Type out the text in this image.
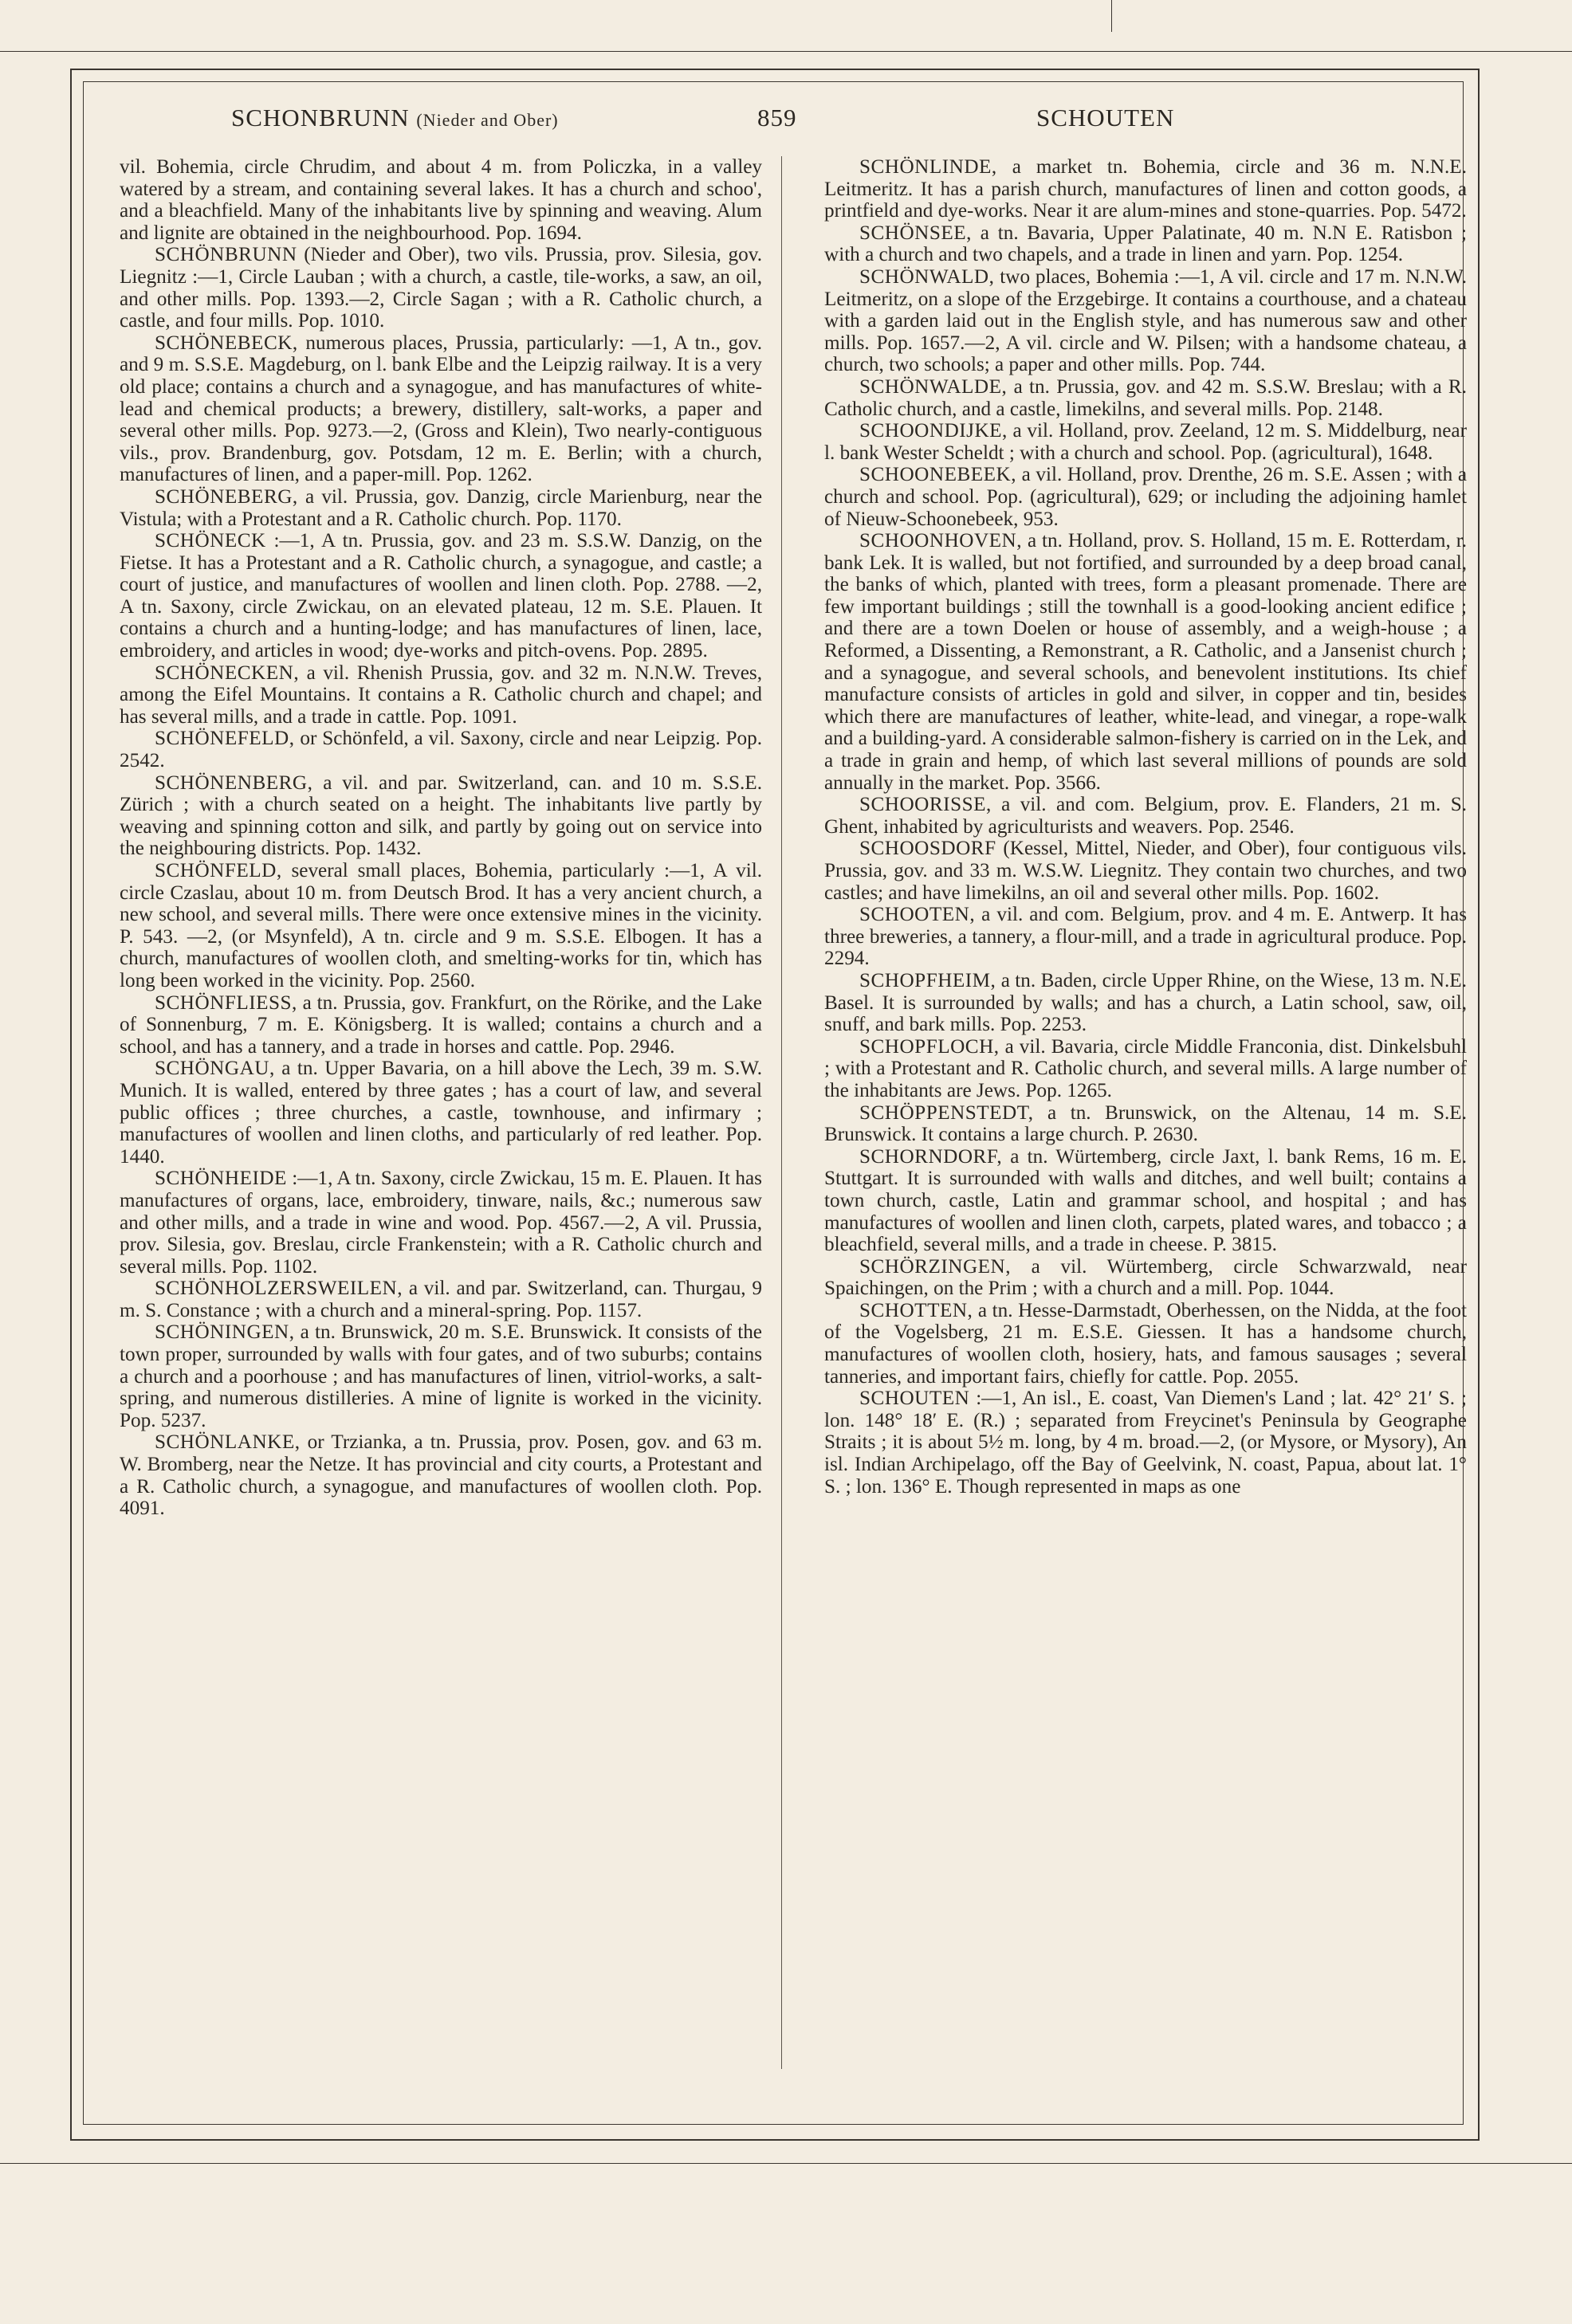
SCHONBRUNN (Nieder and Ober)	859	SCHOUTEN

vil. Bohemia, circle Chrudim, and about 4 m. from Policzka, in a valley watered by a stream, and containing several lakes. It has a church and schoo', and a bleachfield. Many of the inhabitants live by spinning and weaving. Alum and lignite are obtained in the neighbourhood. Pop. 1694.

SCHÖNBRUNN (Nieder and Ober), two vils. Prussia, prov. Silesia, gov. Liegnitz :—1, Circle Lauban ; with a church, a castle, tile-works, a saw, an oil, and other mills. Pop. 1393.—2, Circle Sagan ; with a R. Catholic church, a castle, and four mills. Pop. 1010.

SCHÖNEBECK, numerous places, Prussia, particularly: —1, A tn., gov. and 9 m. S.S.E. Magdeburg, on l. bank Elbe and the Leipzig railway. It is a very old place; contains a church and a synagogue, and has manufactures of white-lead and chemical products; a brewery, distillery, salt-works, a paper and several other mills. Pop. 9273.—2, (Gross and Klein), Two nearly-contiguous vils., prov. Brandenburg, gov. Potsdam, 12 m. E. Berlin; with a church, manufactures of linen, and a paper-mill. Pop. 1262.

SCHÖNEBERG, a vil. Prussia, gov. Danzig, circle Marienburg, near the Vistula; with a Protestant and a R. Catholic church. Pop. 1170.

SCHÖNECK :—1, A tn. Prussia, gov. and 23 m. S.S.W. Danzig, on the Fietse. It has a Protestant and a R. Catholic church, a synagogue, and castle; a court of justice, and manufactures of woollen and linen cloth. Pop. 2788. —2, A tn. Saxony, circle Zwickau, on an elevated plateau, 12 m. S.E. Plauen. It contains a church and a hunting-lodge; and has manufactures of linen, lace, embroidery, and articles in wood; dye-works and pitch-ovens. Pop. 2895.

SCHÖNECKEN, a vil. Rhenish Prussia, gov. and 32 m. N.N.W. Treves, among the Eifel Mountains. It contains a R. Catholic church and chapel; and has several mills, and a trade in cattle. Pop. 1091.

SCHÖNEFELD, or Schönfeld, a vil. Saxony, circle and near Leipzig. Pop. 2542.

SCHÖNENBERG, a vil. and par. Switzerland, can. and 10 m. S.S.E. Zürich ; with a church seated on a height. The inhabitants live partly by weaving and spinning cotton and silk, and partly by going out on service into the neighbouring districts. Pop. 1432.

SCHÖNFELD, several small places, Bohemia, particularly :—1, A vil. circle Czaslau, about 10 m. from Deutsch Brod. It has a very ancient church, a new school, and several mills. There were once extensive mines in the vicinity. P. 543. —2, (or Msynfeld), A tn. circle and 9 m. S.S.E. Elbogen. It has a church, manufactures of woollen cloth, and smelting-works for tin, which has long been worked in the vicinity. Pop. 2560.

SCHÖNFLIESS, a tn. Prussia, gov. Frankfurt, on the Rörike, and the Lake of Sonnenburg, 7 m. E. Königsberg. It is walled; contains a church and a school, and has a tannery, and a trade in horses and cattle. Pop. 2946.

SCHÖNGAU, a tn. Upper Bavaria, on a hill above the Lech, 39 m. S.W. Munich. It is walled, entered by three gates ; has a court of law, and several public offices ; three churches, a castle, townhouse, and infirmary ; manufactures of woollen and linen cloths, and particularly of red leather. Pop. 1440.

SCHÖNHEIDE :—1, A tn. Saxony, circle Zwickau, 15 m. E. Plauen. It has manufactures of organs, lace, embroidery, tinware, nails, &c.; numerous saw and other mills, and a trade in wine and wood. Pop. 4567.—2, A vil. Prussia, prov. Silesia, gov. Breslau, circle Frankenstein; with a R. Catholic church and several mills. Pop. 1102.

SCHÖNHOLZERSWEILEN, a vil. and par. Switzerland, can. Thurgau, 9 m. S. Constance ; with a church and a mineral-spring. Pop. 1157.

SCHÖNINGEN, a tn. Brunswick, 20 m. S.E. Brunswick. It consists of the town proper, surrounded by walls with four gates, and of two suburbs; contains a church and a poorhouse ; and has manufactures of linen, vitriol-works, a salt-spring, and numerous distilleries. A mine of lignite is worked in the vicinity. Pop. 5237.

SCHÖNLANKE, or Trzianka, a tn. Prussia, prov. Posen, gov. and 63 m. W. Bromberg, near the Netze. It has provincial and city courts, a Protestant and a R. Catholic church, a synagogue, and manufactures of woollen cloth. Pop. 4091.

SCHÖNLINDE, a market tn. Bohemia, circle and 36 m. N.N.E. Leitmeritz. It has a parish church, manufactures of linen and cotton goods, a printfield and dye-works. Near it are alum-mines and stone-quarries. Pop. 5472.

SCHÖNSEE, a tn. Bavaria, Upper Palatinate, 40 m. N.N E. Ratisbon ; with a church and two chapels, and a trade in linen and yarn. Pop. 1254.

SCHÖNWALD, two places, Bohemia :—1, A vil. circle and 17 m. N.N.W. Leitmeritz, on a slope of the Erzgebirge. It contains a courthouse, and a chateau with a garden laid out in the English style, and has numerous saw and other mills. Pop. 1657.—2, A vil. circle and W. Pilsen; with a handsome chateau, a church, two schools; a paper and other mills. Pop. 744.

SCHÖNWALDE, a tn. Prussia, gov. and 42 m. S.S.W. Breslau; with a R. Catholic church, and a castle, limekilns, and several mills. Pop. 2148.

SCHOONDIJKE, a vil. Holland, prov. Zeeland, 12 m. S. Middelburg, near l. bank Wester Scheldt ; with a church and school. Pop. (agricultural), 1648.

SCHOONEBEEK, a vil. Holland, prov. Drenthe, 26 m. S.E. Assen ; with a church and school. Pop. (agricultural), 629; or including the adjoining hamlet of Nieuw-Schoonebeek, 953.

SCHOONHOVEN, a tn. Holland, prov. S. Holland, 15 m. E. Rotterdam, r. bank Lek. It is walled, but not fortified, and surrounded by a deep broad canal, the banks of which, planted with trees, form a pleasant promenade. There are few important buildings ; still the townhall is a good-looking ancient edifice ; and there are a town Doelen or house of assembly, and a weigh-house ; a Reformed, a Dissenting, a Remonstrant, a R. Catholic, and a Jansenist church ; and a synagogue, and several schools, and benevolent institutions. Its chief manufacture consists of articles in gold and silver, in copper and tin, besides which there are manufactures of leather, white-lead, and vinegar, a rope-walk and a building-yard. A considerable salmon-fishery is carried on in the Lek, and a trade in grain and hemp, of which last several millions of pounds are sold annually in the market. Pop. 3566.

SCHOORISSE, a vil. and com. Belgium, prov. E. Flanders, 21 m. S. Ghent, inhabited by agriculturists and weavers. Pop. 2546.

SCHOOSDORF (Kessel, Mittel, Nieder, and Ober), four contiguous vils. Prussia, gov. and 33 m. W.S.W. Liegnitz. They contain two churches, and two castles; and have limekilns, an oil and several other mills. Pop. 1602.

SCHOOTEN, a vil. and com. Belgium, prov. and 4 m. E. Antwerp. It has three breweries, a tannery, a flour-mill, and a trade in agricultural produce. Pop. 2294.

SCHOPFHEIM, a tn. Baden, circle Upper Rhine, on the Wiese, 13 m. N.E. Basel. It is surrounded by walls; and has a church, a Latin school, saw, oil, snuff, and bark mills. Pop. 2253.

SCHOPFLOCH, a vil. Bavaria, circle Middle Franconia, dist. Dinkelsbuhl ; with a Protestant and R. Catholic church, and several mills. A large number of the inhabitants are Jews. Pop. 1265.

SCHÖPPENSTEDT, a tn. Brunswick, on the Altenau, 14 m. S.E. Brunswick. It contains a large church. P. 2630.

SCHORNDORF, a tn. Würtemberg, circle Jaxt, l. bank Rems, 16 m. E. Stuttgart. It is surrounded with walls and ditches, and well built; contains a town church, castle, Latin and grammar school, and hospital ; and has manufactures of woollen and linen cloth, carpets, plated wares, and tobacco ; a bleachfield, several mills, and a trade in cheese. P. 3815.

SCHÖRZINGEN, a vil. Würtemberg, circle Schwarzwald, near Spaichingen, on the Prim ; with a church and a mill. Pop. 1044.

SCHOTTEN, a tn. Hesse-Darmstadt, Oberhessen, on the Nidda, at the foot of the Vogelsberg, 21 m. E.S.E. Giessen. It has a handsome church, manufactures of woollen cloth, hosiery, hats, and famous sausages ; several tanneries, and important fairs, chiefly for cattle. Pop. 2055.

SCHOUTEN :—1, An isl., E. coast, Van Diemen's Land ; lat. 42° 21′ S. ; lon. 148° 18′ E. (R.) ; separated from Freycinet's Peninsula by Geographe Straits ; it is about 5½ m. long, by 4 m. broad.—2, (or Mysore, or Mysory), An isl. Indian Archipelago, off the Bay of Geelvink, N. coast, Papua, about lat. 1° S. ; lon. 136° E. Though represented in maps as one
